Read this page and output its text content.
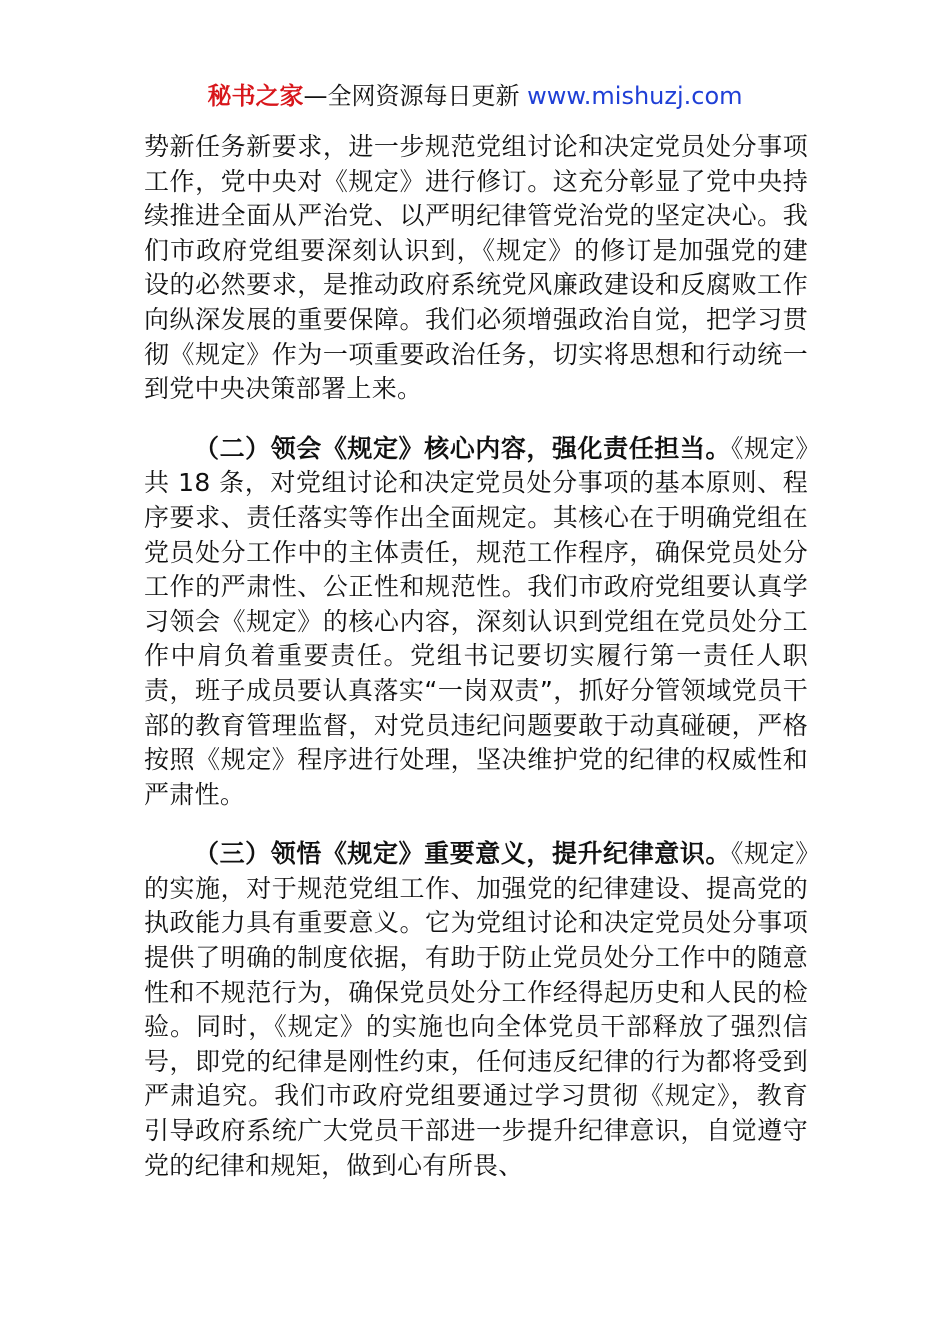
秘书之家—全网资源每日更新 www.mishuzj.com

势新任务新要求，进一步规范党组讨论和决定党员处分事项工作，党中央对《规定》进行修订。这充分彰显了党中央持续推进全面从严治党、以严明纪律管党治党的坚定决心。我们市政府党组要深刻认识到，《规定》的修订是加强党的建设的必然要求，是推动政府系统党风廉政建设和反腐败工作向纵深发展的重要保障。我们必须增强政治自觉，把学习贯彻《规定》作为一项重要政治任务，切实将思想和行动统一到党中央决策部署上来。

（二）领会《规定》核心内容，强化责任担当。《规定》共 18 条，对党组讨论和决定党员处分事项的基本原则、程序要求、责任落实等作出全面规定。其核心在于明确党组在党员处分工作中的主体责任，规范工作程序，确保党员处分工作的严肃性、公正性和规范性。我们市政府党组要认真学习领会《规定》的核心内容，深刻认识到党组在党员处分工作中肩负着重要责任。党组书记要切实履行第一责任人职责，班子成员要认真落实“一岗双责”，抓好分管领域党员干部的教育管理监督，对党员违纪问题要敢于动真碰硬，严格按照《规定》程序进行处理，坚决维护党的纪律的权威性和严肃性。

（三）领悟《规定》重要意义，提升纪律意识。《规定》的实施，对于规范党组工作、加强党的纪律建设、提高党的执政能力具有重要意义。它为党组讨论和决定党员处分事项提供了明确的制度依据，有助于防止党员处分工作中的随意性和不规范行为，确保党员处分工作经得起历史和人民的检验。同时，《规定》的实施也向全体党员干部释放了强烈信号，即党的纪律是刚性约束，任何违反纪律的行为都将受到严肃追究。我们市政府党组要通过学习贯彻《规定》，教育引导政府系统广大党员干部进一步提升纪律意识，自觉遵守党的纪律和规矩，做到心有所畏、
